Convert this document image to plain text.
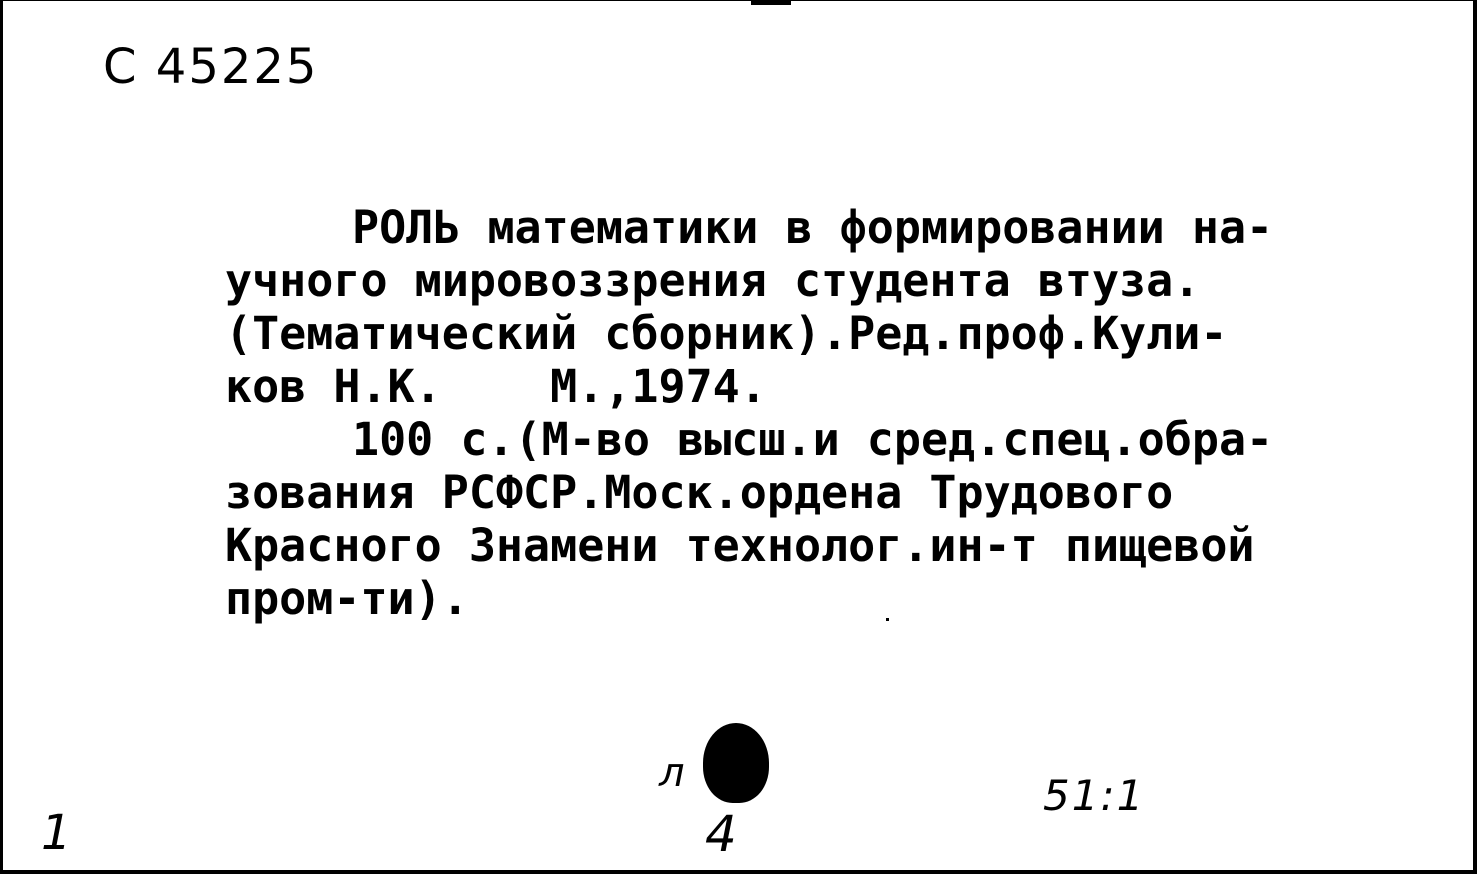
С 45225
РОЛЬ математики в формировании на-
учного мировоззрения студента втуза.
(Тематический сборник).Ред.проф.Кули-
ков Н.К.    М.,1974.
100 с.(М-во высш.и сред.спец.обра-
зования РСФСР.Моск.ордена Трудового
Красного Знамени технолог.ин-т пищевой
пром-ти).
1
л
4
51:1
